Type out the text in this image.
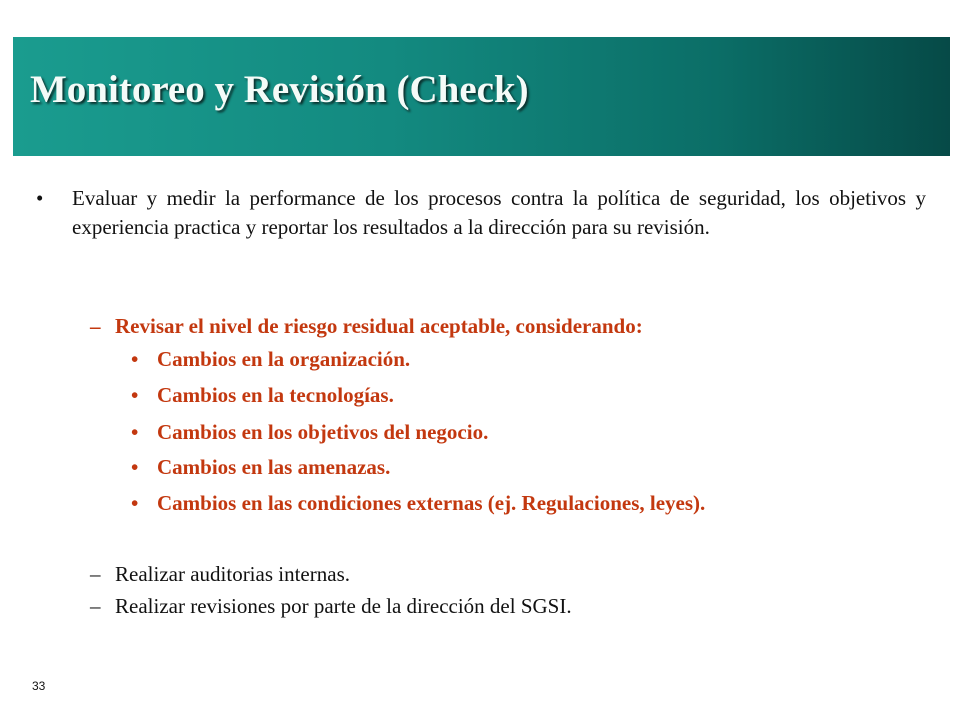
Monitoreo y Revisión (Check)
• Evaluar y medir la performance de los procesos contra la política de seguridad, los objetivos y experiencia practica y reportar los resultados a la dirección para su revisión.
– Revisar el nivel de riesgo residual aceptable, considerando:
• Cambios en la organización.
• Cambios en la tecnologías.
• Cambios en los objetivos del negocio.
• Cambios en las amenazas.
• Cambios en las condiciones externas (ej. Regulaciones, leyes).
– Realizar auditorias internas.
– Realizar revisiones por parte de la dirección del SGSI.
33
